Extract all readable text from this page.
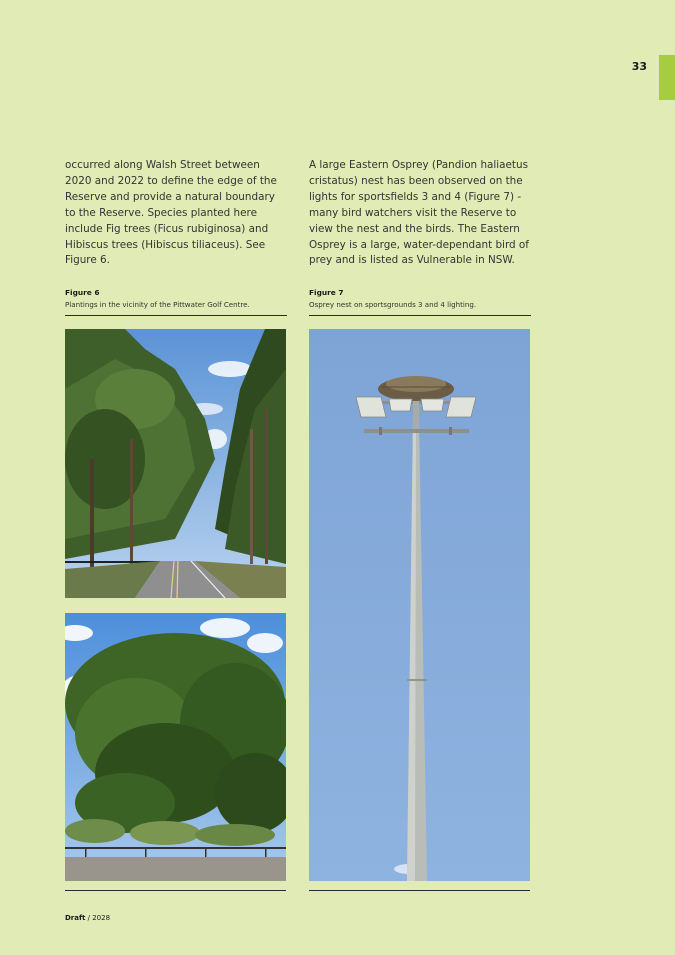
33

occurred along Walsh Street between 2020 and 2022 to define the edge of the Reserve and provide a natural boundary to the Reserve. Species planted here include Fig trees (Ficus rubiginosa) and Hibiscus trees (Hibiscus tiliaceus). See Figure 6.

Figure 6
Plantings in the vicinity of the Pittwater Golf Centre.

A large Eastern Osprey (Pandion haliaetus cristatus) nest has been observed on the lights for sportsfields 3 and 4 (Figure 7) - many bird watchers visit the Reserve to view the nest and the birds. The Eastern Osprey is a large, water-dependant bird of prey and is listed as Vulnerable in NSW.

Figure 7
Osprey nest on sportsgrounds 3 and 4 lighting.
Draft / 2028
